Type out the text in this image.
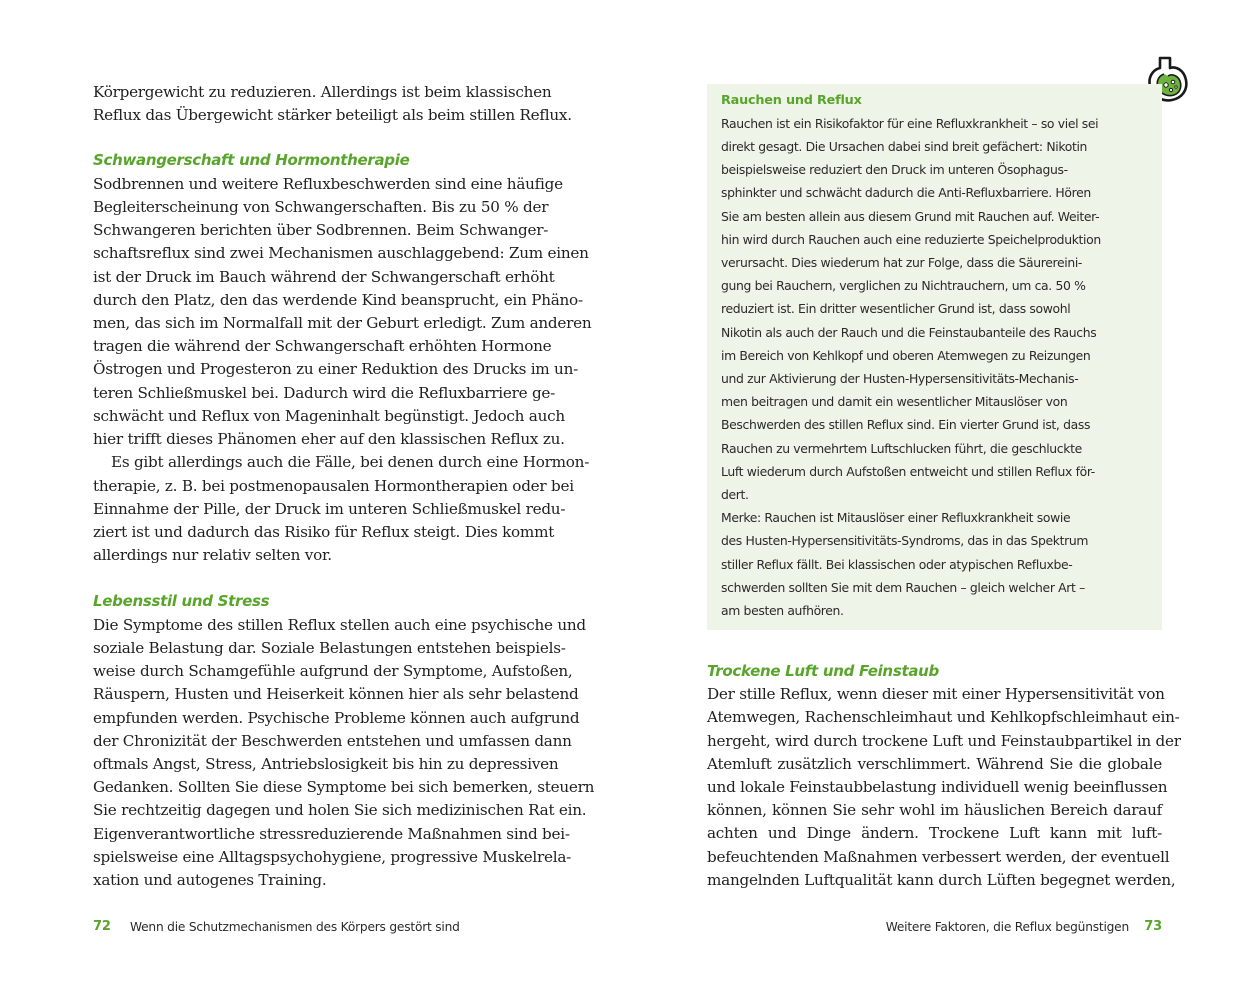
Körpergewicht zu reduzieren. Allerdings ist beim klassischen

Reflux das Übergewicht stärker beteiligt als beim stillen Reflux.

Schwangerschaft und Hormontherapie

Sodbrennen und weitere Refluxbeschwerden sind eine häufige

Begleiterscheinung von Schwangerschaften. Bis zu 50 % der

Schwangeren berichten über Sodbrennen. Beim Schwanger-

schaftsreflux sind zwei Mechanismen auschlaggebend: Zum einen

ist der Druck im Bauch während der Schwangerschaft erhöht

durch den Platz, den das werdende Kind beansprucht, ein Phäno-

men, das sich im Normalfall mit der Geburt erledigt. Zum anderen

tragen die während der Schwangerschaft erhöhten Hormone

Östrogen und Progesteron zu einer Reduktion des Drucks im un-

teren Schließmuskel bei. Dadurch wird die Refluxbarriere ge-

schwächt und Reflux von Mageninhalt begünstigt. Jedoch auch

hier trifft dieses Phänomen eher auf den klassischen Reflux zu.

Es gibt allerdings auch die Fälle, bei denen durch eine Hormon-

therapie, z. B. bei postmenopausalen Hormontherapien oder bei

Einnahme der Pille, der Druck im unteren Schließmuskel redu-

ziert ist und dadurch das Risiko für Reflux steigt. Dies kommt

allerdings nur relativ selten vor.

Lebensstil und Stress

Die Symptome des stillen Reflux stellen auch eine psychische und

soziale Belastung dar. Soziale Belastungen entstehen beispiels-

weise durch Schamgefühle aufgrund der Symptome, Aufstoßen,

Räuspern, Husten und Heiserkeit können hier als sehr belastend

empfunden werden. Psychische Probleme können auch aufgrund

der Chronizität der Beschwerden entstehen und umfassen dann

oftmals Angst, Stress, Antriebslosigkeit bis hin zu depressiven

Gedanken. Sollten Sie diese Symptome bei sich bemerken, steuern

Sie rechtzeitig dagegen und holen Sie sich medizinischen Rat ein.

Eigenverantwortliche stressreduzierende Maßnahmen sind bei-

spielsweise eine Alltagspsychohygiene, progressive Muskelrela-

xation und autogenes Training.

72 Wenn die Schutzmechanismen des Körpers gestört sind

Rauchen und Reflux

Rauchen ist ein Risikofaktor für eine Refluxkrankheit – so viel sei

direkt gesagt. Die Ursachen dabei sind breit gefächert: Nikotin

beispielsweise reduziert den Druck im unteren Ösophagus-

sphinkter und schwächt dadurch die Anti-Refluxbarriere. Hören

Sie am besten allein aus diesem Grund mit Rauchen auf. Weiter-

hin wird durch Rauchen auch eine reduzierte Speichelproduktion

verursacht. Dies wiederum hat zur Folge, dass die Säurereini-

gung bei Rauchern, verglichen zu Nichtrauchern, um ca. 50 %

reduziert ist. Ein dritter wesentlicher Grund ist, dass sowohl

Nikotin als auch der Rauch und die Feinstaubanteile des Rauchs

im Bereich von Kehlkopf und oberen Atemwegen zu Reizungen

und zur Aktivierung der Husten-Hypersensitivitäts-Mechanis-

men beitragen und damit ein wesentlicher Mitauslöser von

Beschwerden des stillen Reflux sind. Ein vierter Grund ist, dass

Rauchen zu vermehrtem Luftschlucken führt, die geschluckte

Luft wiederum durch Aufstoßen entweicht und stillen Reflux för-

dert.

Merke: Rauchen ist Mitauslöser einer Refluxkrankheit sowie

des Husten-Hypersensitivitäts-Syndroms, das in das Spektrum

stiller Reflux fällt. Bei klassischen oder atypischen Refluxbe-

schwerden sollten Sie mit dem Rauchen – gleich welcher Art –

am besten aufhören.

Trockene Luft und Feinstaub

Der stille Reflux, wenn dieser mit einer Hypersensitivität von

Atemwegen, Rachenschleimhaut und Kehlkopfschleimhaut ein-

hergeht, wird durch trockene Luft und Feinstaubpartikel in der

Atemluft zusätzlich verschlimmert. Während Sie die globale

und lokale Feinstaubbelastung individuell wenig beeinflussen

können, können Sie sehr wohl im häuslichen Bereich darauf

achten und Dinge ändern. Trockene Luft kann mit luft-

befeuchtenden Maßnahmen verbessert werden, der eventuell

mangelnden Luftqualität kann durch Lüften begegnet werden,

Weitere Faktoren, die Reflux begünstigen 73
